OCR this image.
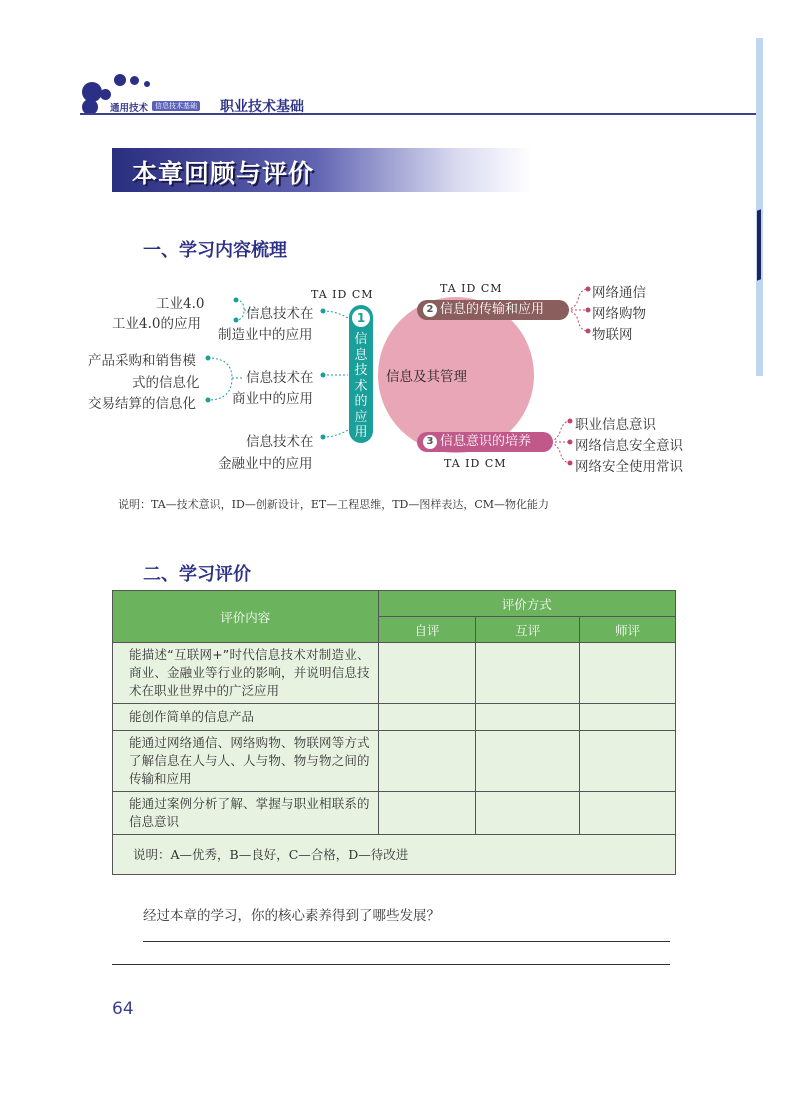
通用技术 信息技术基础 职业技术基础
本章回顾与评价
一、学习内容梳理
信息及其管理
1
信息技术的应用
TA ID CM
信息技术在
制造业中的应用
信息技术在
商业中的应用
信息技术在
金融业中的应用
工业4.0
工业4.0的应用
产品采购和销售模
式的信息化
交易结算的信息化
TA ID CM
2 信息的传输和应用
网络通信
网络购物
物联网
3 信息意识的培养
TA ID CM
职业信息意识
网络信息安全意识
网络安全使用常识
说明：TA—技术意识，ID—创新设计，ET—工程思维，TD—图样表达，CM—物化能力
二、学习评价
评价内容	评价方式		
	自评	互评	师评

能描述“互联网+”时代信息技术对制造业、商业、金融业等行业的影响，并说明信息技术在职业世界中的广泛应用			

能创作简单的信息产品			

能通过网络通信、网络购物、物联网等方式了解信息在人与人、人与物、物与物之间的传输和应用			

能通过案例分析了解、掌握与职业相联系的信息意识			

说明：A—优秀，B—良好，C—合格，D—待改进			
经过本章的学习，你的核心素养得到了哪些发展？
64
